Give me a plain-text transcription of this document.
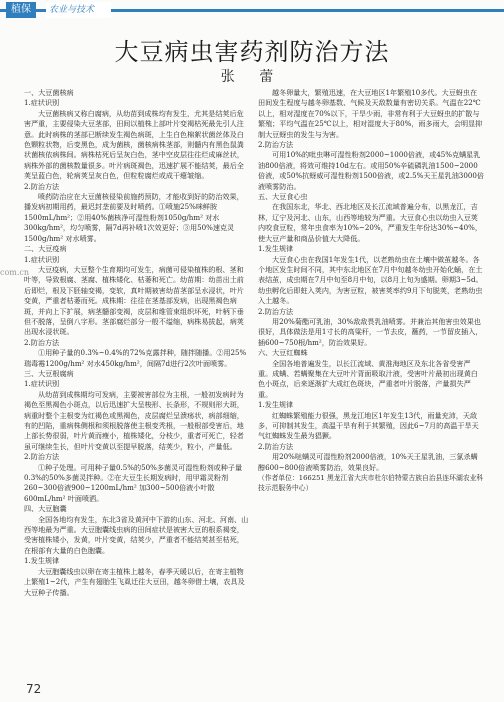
植保	农业与技术
大豆病虫害药剂防治方法
张 蕾

一、大豆菌核病

1.症状识别

大豆菌核病又称白腐病，从幼苗到成株均有发生，尤其是结荚后危害严重，主要侵染大豆茎部，田间以植株上部叶片变褐枯死最先引人注意。此时病株的茎部已断续发生褐色病斑，上生白色棉絮状菌丝体及白色颗粒状物，后变黑色，成为菌核，菌核病株茎部，则髓内有黑色鼠粪状菌核依病株间。病株枯死后呈灰白色，茎中空皮层往往烂成麻丝状，病株外部的菌核数量很多。叶片病斑褐色，迅速扩展不能结荚，最后全荚呈蓝白色，轮病荚呈灰白色，但粒粒腐烂或成干瘪皱缩。

2.防治方法

喷药防治应在大豆菌核侵染前施药预防，才能收到好的防治效果，播发病初期用药，最迟封垄前要及时喷药。①喷施25%咪鲜胺1500mL/hm²；②用40%菌核净可湿性粉剂1050g/hm² 对水300kg/hm²，均匀喷雾，隔7d再补喷1次效更好；③用50%速克灵1500g/hm² 对水喷雾。

二、大豆疫病

1.症状识别

大豆疫病，大豆整个生育期均可发生，病菌可侵染植株的根、茎和叶等，导致根腐、茎腐、植株矮化、枯萎和死亡。幼苗期：幼苗出土前后即烂，根及下胚轴变褐，变软，真叶期被害幼苗茎部呈水浸状，叶片变黄，严重者枯萎而死。成株期：往往在茎基部发病，出现黑褐色病斑，并向上下扩展，病茎髓部变褐，皮层和维管束组织坏死，叶柄下垂但不脱落，呈倒八字形。茎部腐烂部分一般不缢缩，病株易拔起，病荚出现水浸状斑。

2.防治方法

①用种子量的0.3%~0.4%的72%克露拌种，随拌随播。②用25%瑞毒霉1200g/hm² 对水450kg/hm²，间隔7d进行2次叶面喷雾。

三、大豆根腐病

1.症状识别

从幼苗到成株期均可发病，主要被害部位为主根，一般初发病时为褐色至黑褐色小斑点，以后迅速扩大呈梭形、长条形，不规则形大斑，病重时整个主根变为红褐色或黑褐色，皮层腐烂呈溃疡状，病部细缩，有的凹陷，重病株侧根和须根脱落使主根变秃根，一般根部受害后，地上部长势很弱，叶片黄而瘦小，植株矮化，分枝少，重者可死亡，轻者虽可继续生长，但叶片变黄以至提早脱落，结荚少，粒小，产量低。

2.防治方法

①种子处理。可用种子量0.5%的50%多菌灵可湿性粉剂或种子量0.3%的50%多菌灵拌种。②在大豆生长期发病时，用甲霜灵粉剂260~300倍液900~1200mL/hm² 加300~500倍液小叶散600mL/hm² 叶面喷洒。

四、大豆胞囊

全国各地均有发生，东北3省及黄河中下游的山东、河北、河南、山西等地最为严重。大豆胞囊线虫病的田间症状是被害大豆的根系褐变，受害植株矮小，发黄，叶片变黄，结荚少，严重者不能结荚甚至枯死，在根部有大量的白色胞囊。

1.发生规律

大豆胞囊线虫以卵在寄主植株上越冬，春季天暖以后，在寄主植物上繁殖1~2代，产生有翅胎生飞虱迁往大豆田，越冬卵借土壤，农具及大豆种子传播。

越冬卵量大，繁殖迅速，在大豆地区1年繁殖10多代。大豆蚜虫在田间发生程度与越冬卵基数、气候及天敌数量有密切关系。气温在22℃以上，相对湿度在70%以下，干旱少雨，非常有利于大豆蚜虫的扩散与繁殖；平均气温在25℃以上，相对湿度大于80%，雨多雨大，会明显抑制大豆蚜虫的发生与为害。

2.防治方法

可用10%的吡虫啉可湿性粉剂2000~1000倍液，或45%克螨星乳油800倍液，将效可维持10d左右。或用50%辛硫磷乳油1500~2000倍液，或50%抗蚜威可湿性粉剂1500倍液，或2.5%天王星乳油3000倍液喷雾防治。

五、大豆食心虫

在我国东北，华北、西北地区及长江流域普遍分布，以黑龙江，吉林，辽宁及河北、山东，山西等地较为严重。大豆食心虫以幼虫入豆荚内咬食豆粒，常年虫食率为10%~20%，严重发生年份达30%~40%，使大豆产量和商品价值大大降低。

1.发生规律

大豆食心虫在我国1年发生1代，以老熟幼虫在土壤中做茧越冬。各个地区发生时间不同，其中东北地区在7月中旬越冬幼虫开始化蛹，在土表结茧，成虫期在7月中旬至8月中旬，以8月上旬为盛期。卵期3~5d。幼虫孵化后即蛀入荚内，为害豆粒，被害荚率约9月下旬脱荚，老熟幼虫入土越冬。

2.防治方法

用20%菊酯可乳油，30%敌敌畏乳油喷雾。并兼治其他害虫效果也很好，具体做法是用1寸长的高粱秆，一节去皮，蘸药，一节留皮插入，插600~750根/hm²，防治效果好。

六、大豆红蜘蛛

全国各地普遍发生，以长江流域、黄淮海地区及东北各省受害严重。成螨、若螨聚集在大豆叶片背面吸取汁液，受害叶片最初出现黄白色小斑点，后来逐渐扩大成红色斑块，严重者叶片脱落，产量损失严重。

1.发生规律

红蜘蛛繁殖能力很强，黑龙江地区1年发生13代，雨量充沛，天敌多，可抑制其发生，高温干旱有利于其繁殖，因此6~7月的高温干旱天气红蜘蛛发生最为猖獗。

2.防治方法

用20%哒螨灵可湿性粉剂2000倍液，10%天王星乳油，三氯杀螨醇600~800倍液喷雾防治，效果良好。

（作者单位：166251 黑龙江省大庆市杜尔伯特蒙古族自治县连环湖农业科技示范服务中心）

com.cn
72
